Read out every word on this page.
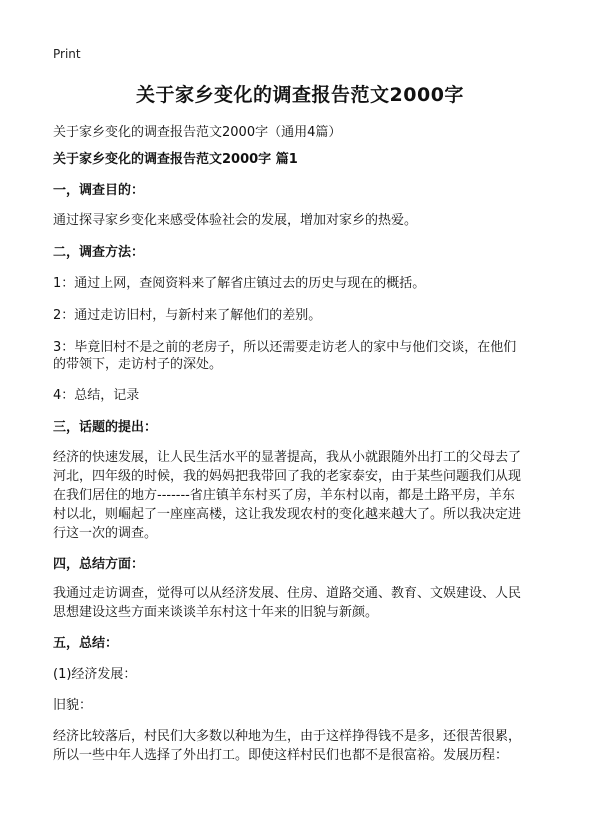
Print
关于家乡变化的调查报告范文2000字
关于家乡变化的调查报告范文2000字（通用4篇）
关于家乡变化的调查报告范文2000字 篇1
一，调查目的：
通过探寻家乡变化来感受体验社会的发展，增加对家乡的热爱。
二，调查方法：
1：通过上网，查阅资料来了解省庄镇过去的历史与现在的概括。
2：通过走访旧村，与新村来了解他们的差别。
3：毕竟旧村不是之前的老房子，所以还需要走访老人的家中与他们交谈，在他们
的带领下，走访村子的深处。
4：总结，记录
三，话题的提出：
经济的快速发展，让人民生活水平的显著提高，我从小就跟随外出打工的父母去了
河北，四年级的时候，我的妈妈把我带回了我的老家泰安，由于某些问题我们从现
在我们居住的地方-------省庄镇羊东村买了房，羊东村以南，都是土路平房，羊东
村以北，则崛起了一座座高楼，这让我发现农村的变化越来越大了。所以我决定进
行这一次的调查。
四，总结方面：
我通过走访调查，觉得可以从经济发展、住房、道路交通、教育、文娱建设、人民
思想建设这些方面来谈谈羊东村这十年来的旧貌与新颜。
五，总结：
(1)经济发展：
旧貌：
经济比较落后，村民们大多数以种地为生，由于这样挣得钱不是多，还很苦很累，
所以一些中年人选择了外出打工。即使这样村民们也都不是很富裕。发展历程：
